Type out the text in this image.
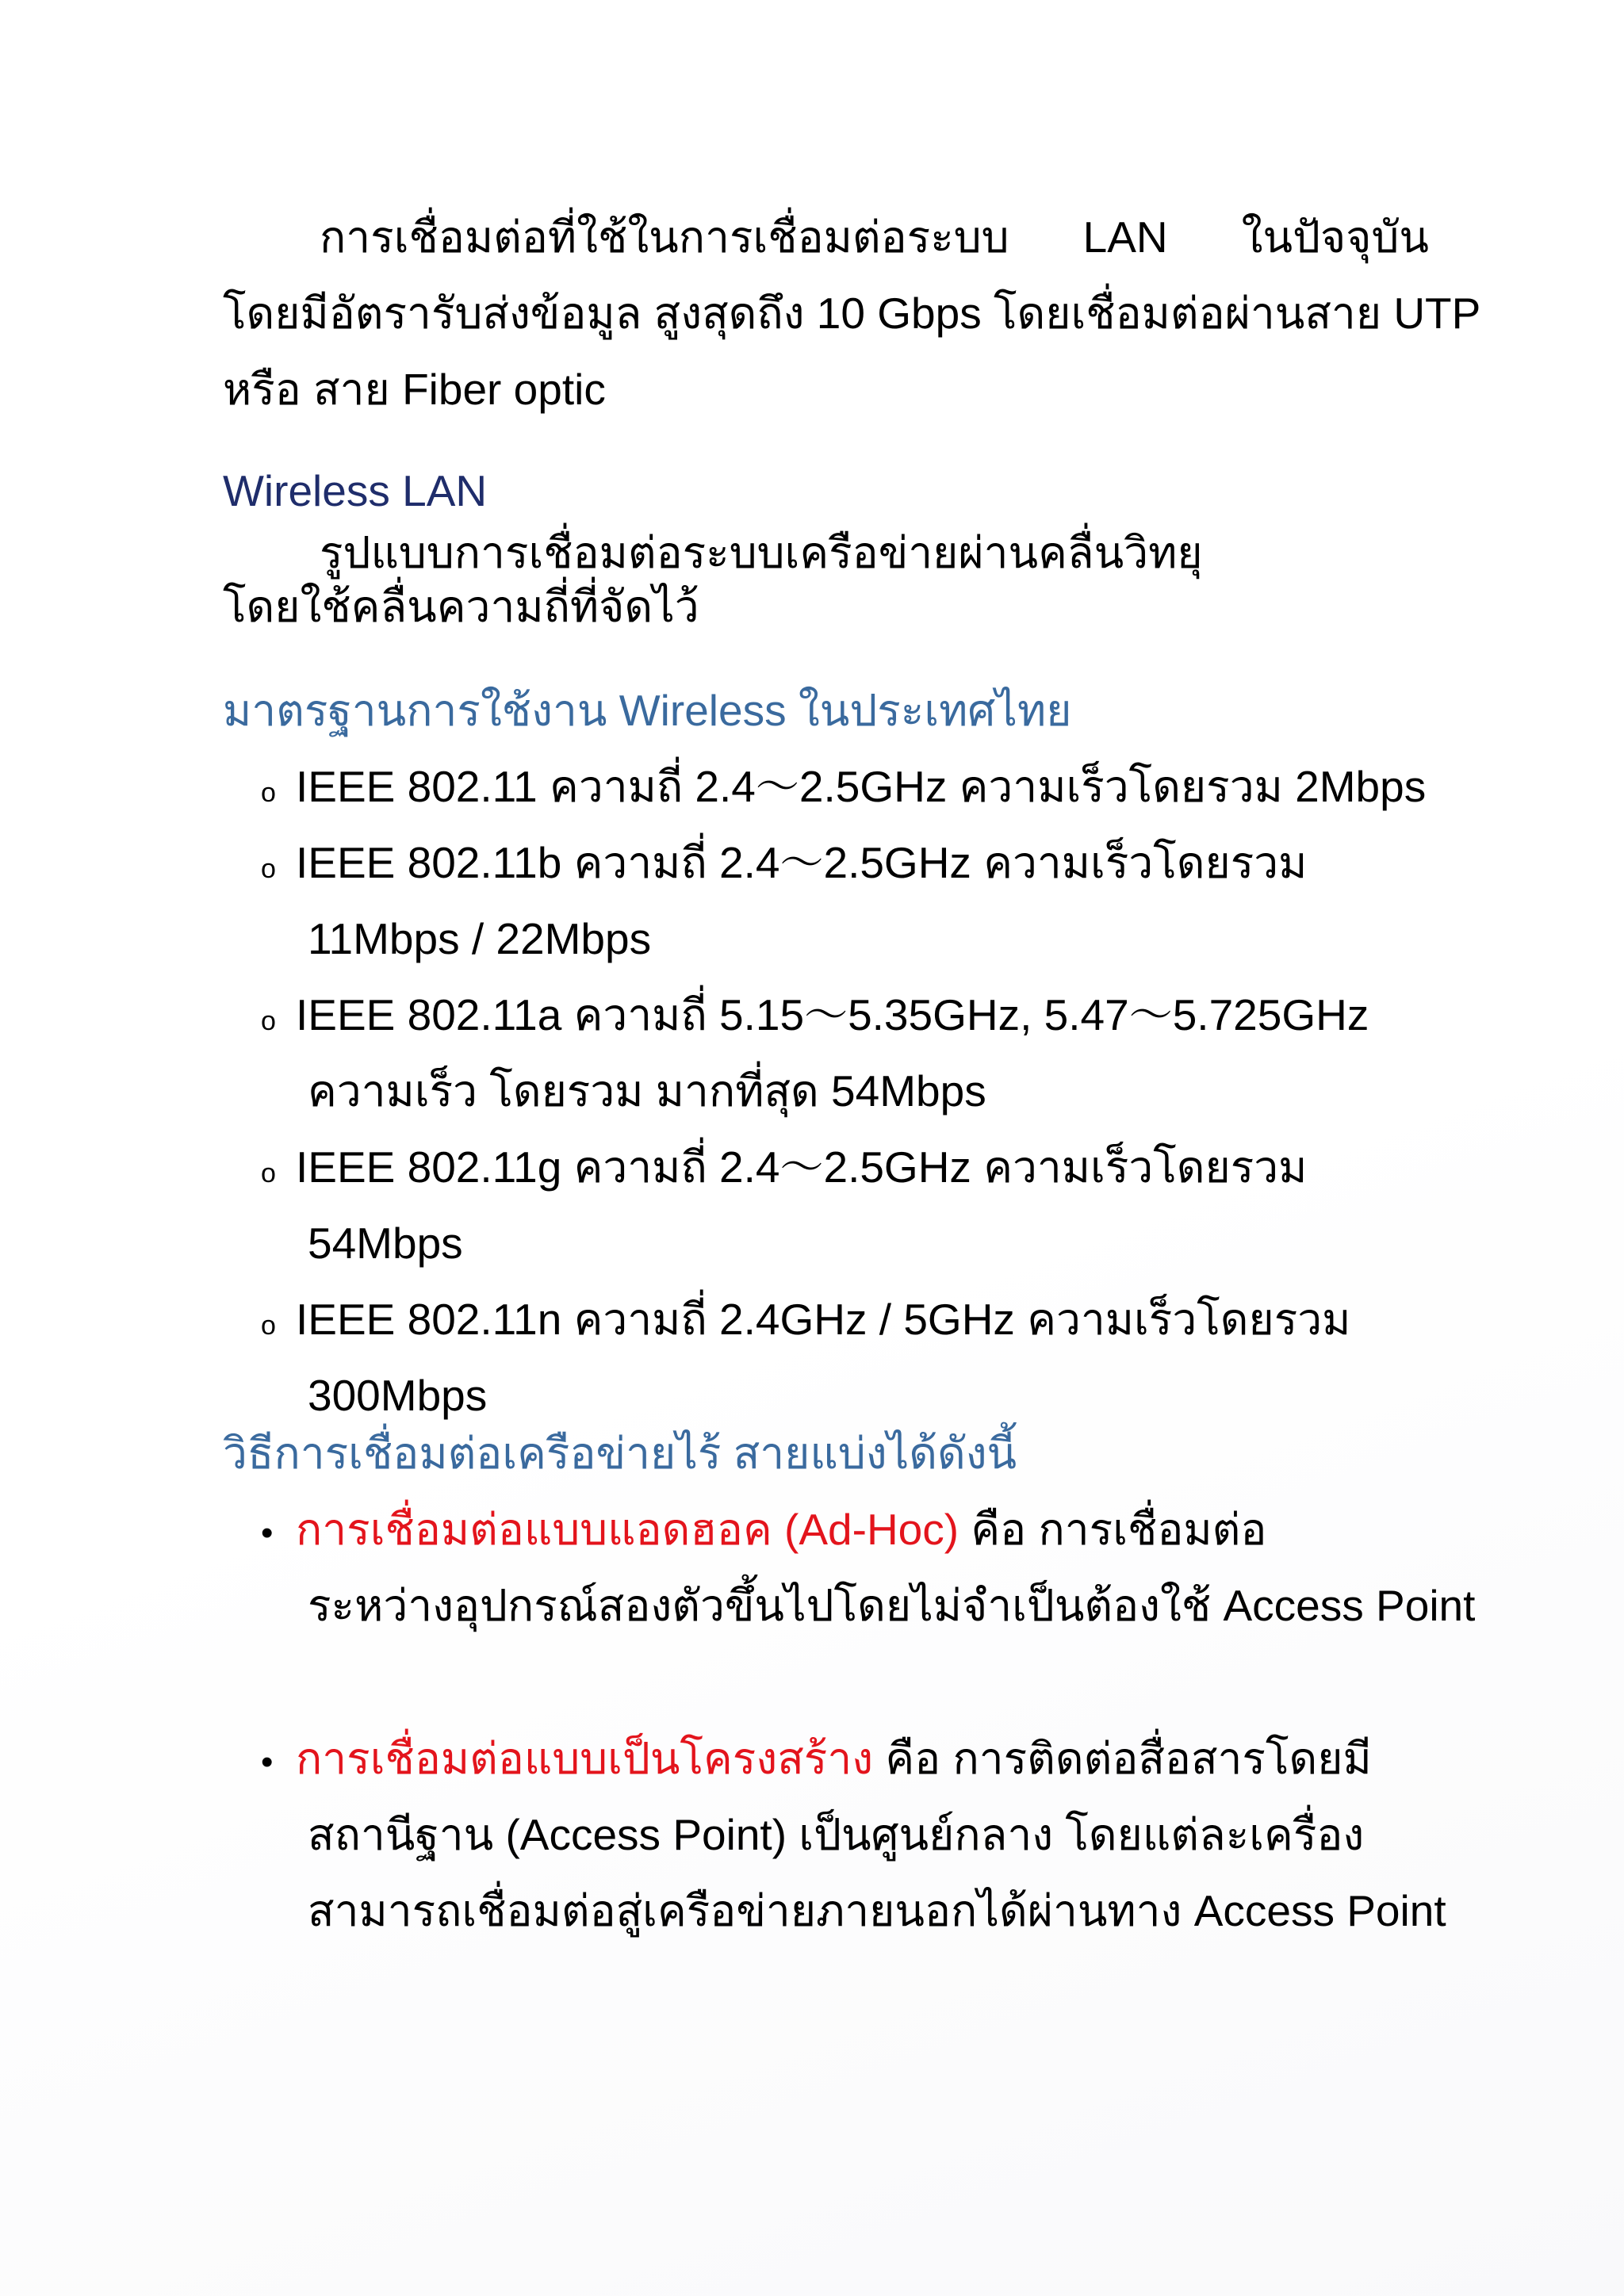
การเชื่อมต่อที่ใช้ในการเชื่อมต่อระบบ LAN ในปัจจุบัน
โดยมีอัตรารับส่งข้อมูล สูงสุดถึง 10 Gbps โดยเชื่อมต่อผ่านสาย UTP
หรือ สาย Fiber optic
Wireless LAN
รูปแบบการเชื่อมต่อระบบเครือข่ายผ่านคลื่นวิทยุ
โดยใช้คลื่นความถี่ที่จัดไว้
มาตรฐานการใช้งาน Wireless ในประเทศไทย
o IEEE 802.11 ความถี่ 2.4～2.5GHz ความเร็วโดยรวม 2Mbps
o IEEE 802.11b ความถี่ 2.4～2.5GHz ความเร็วโดยรวม
11Mbps / 22Mbps
o IEEE 802.11a ความถี่ 5.15～5.35GHz, 5.47～5.725GHz
ความเร็ว โดยรวม มากที่สุด 54Mbps
o IEEE 802.11g ความถี่ 2.4～2.5GHz ความเร็วโดยรวม
54Mbps
o IEEE 802.11n ความถี่ 2.4GHz / 5GHz ความเร็วโดยรวม
300Mbps
วิธีการเชื่อมต่อเครือข่ายไร้ สายแบ่งได้ดังนี้
• การเชื่อมต่อแบบแอดฮอค (Ad-Hoc) คือ การเชื่อมต่อ
ระหว่างอุปกรณ์สองตัวขึ้นไปโดยไม่จำเป็นต้องใช้ Access Point
• การเชื่อมต่อแบบเป็นโครงสร้าง คือ การติดต่อสื่อสารโดยมี
สถานีฐาน (Access Point) เป็นศูนย์กลาง โดยแต่ละเครื่อง
สามารถเชื่อมต่อสู่เครือข่ายภายนอกได้ผ่านทาง Access Point
